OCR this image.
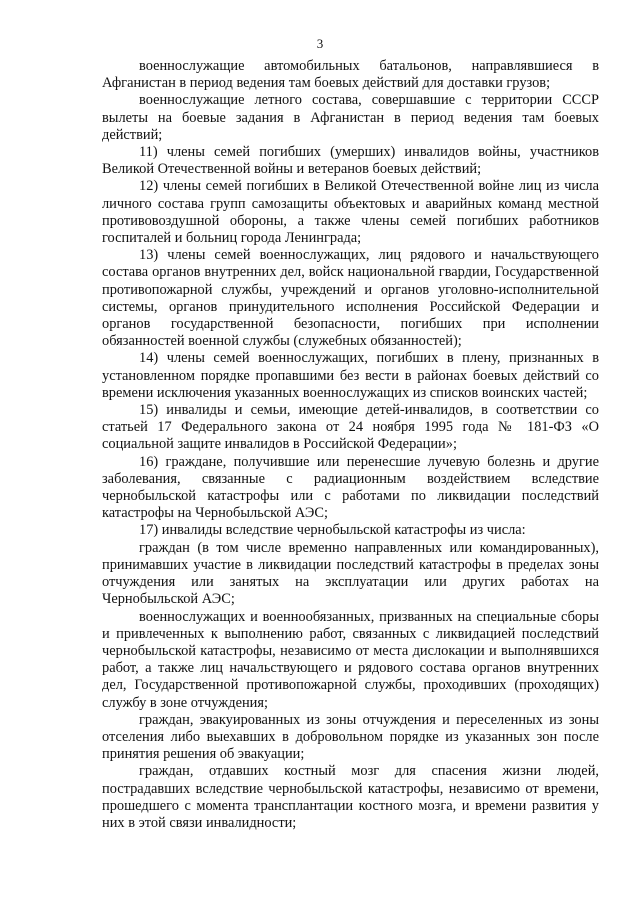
3

военнослужащие автомобильных батальонов, направлявшиеся в Афганистан в период ведения там боевых действий для доставки грузов;

военнослужащие летного состава, совершавшие с территории СССР вылеты на боевые задания в Афганистан в период ведения там боевых действий;

11) члены семей погибших (умерших) инвалидов войны, участников Великой Отечественной войны и ветеранов боевых действий;

12) члены семей погибших в Великой Отечественной войне лиц из числа личного состава групп самозащиты объектовых и аварийных команд местной противовоздушной обороны, а также члены семей погибших работников госпиталей и больниц города Ленинграда;

13) члены семей военнослужащих, лиц рядового и начальствующего состава органов внутренних дел, войск национальной гвардии, Государственной противопожарной службы, учреждений и органов уголовно-исполнительной системы, органов принудительного исполнения Российской Федерации и органов государственной безопасности, погибших при исполнении обязанностей военной службы (служебных обязанностей);

14) члены семей военнослужащих, погибших в плену, признанных в установленном порядке пропавшими без вести в районах боевых действий со времени исключения указанных военнослужащих из списков воинских частей;

15) инвалиды и семьи, имеющие детей-инвалидов, в соответствии со статьей 17 Федерального закона от 24 ноября 1995 года № 181-ФЗ «О социальной защите инвалидов в Российской Федерации»;

16) граждане, получившие или перенесшие лучевую болезнь и другие заболевания, связанные с радиационным воздействием вследствие чернобыльской катастрофы или с работами по ликвидации последствий катастрофы на Чернобыльской АЭС;

17) инвалиды вследствие чернобыльской катастрофы из числа:

граждан (в том числе временно направленных или командированных), принимавших участие в ликвидации последствий катастрофы в пределах зоны отчуждения или занятых на эксплуатации или других работах на Чернобыльской АЭС;

военнослужащих и военнообязанных, призванных на специальные сборы и привлеченных к выполнению работ, связанных с ликвидацией последствий чернобыльской катастрофы, независимо от места дислокации и выполнявшихся работ, а также лиц начальствующего и рядового состава органов внутренних дел, Государственной противопожарной службы, проходивших (проходящих) службу в зоне отчуждения;

граждан, эвакуированных из зоны отчуждения и переселенных из зоны отселения либо выехавших в добровольном порядке из указанных зон после принятия решения об эвакуации;

граждан, отдавших костный мозг для спасения жизни людей, пострадавших вследствие чернобыльской катастрофы, независимо от времени, прошедшего с момента трансплантации костного мозга, и времени развития у них в этой связи инвалидности;
